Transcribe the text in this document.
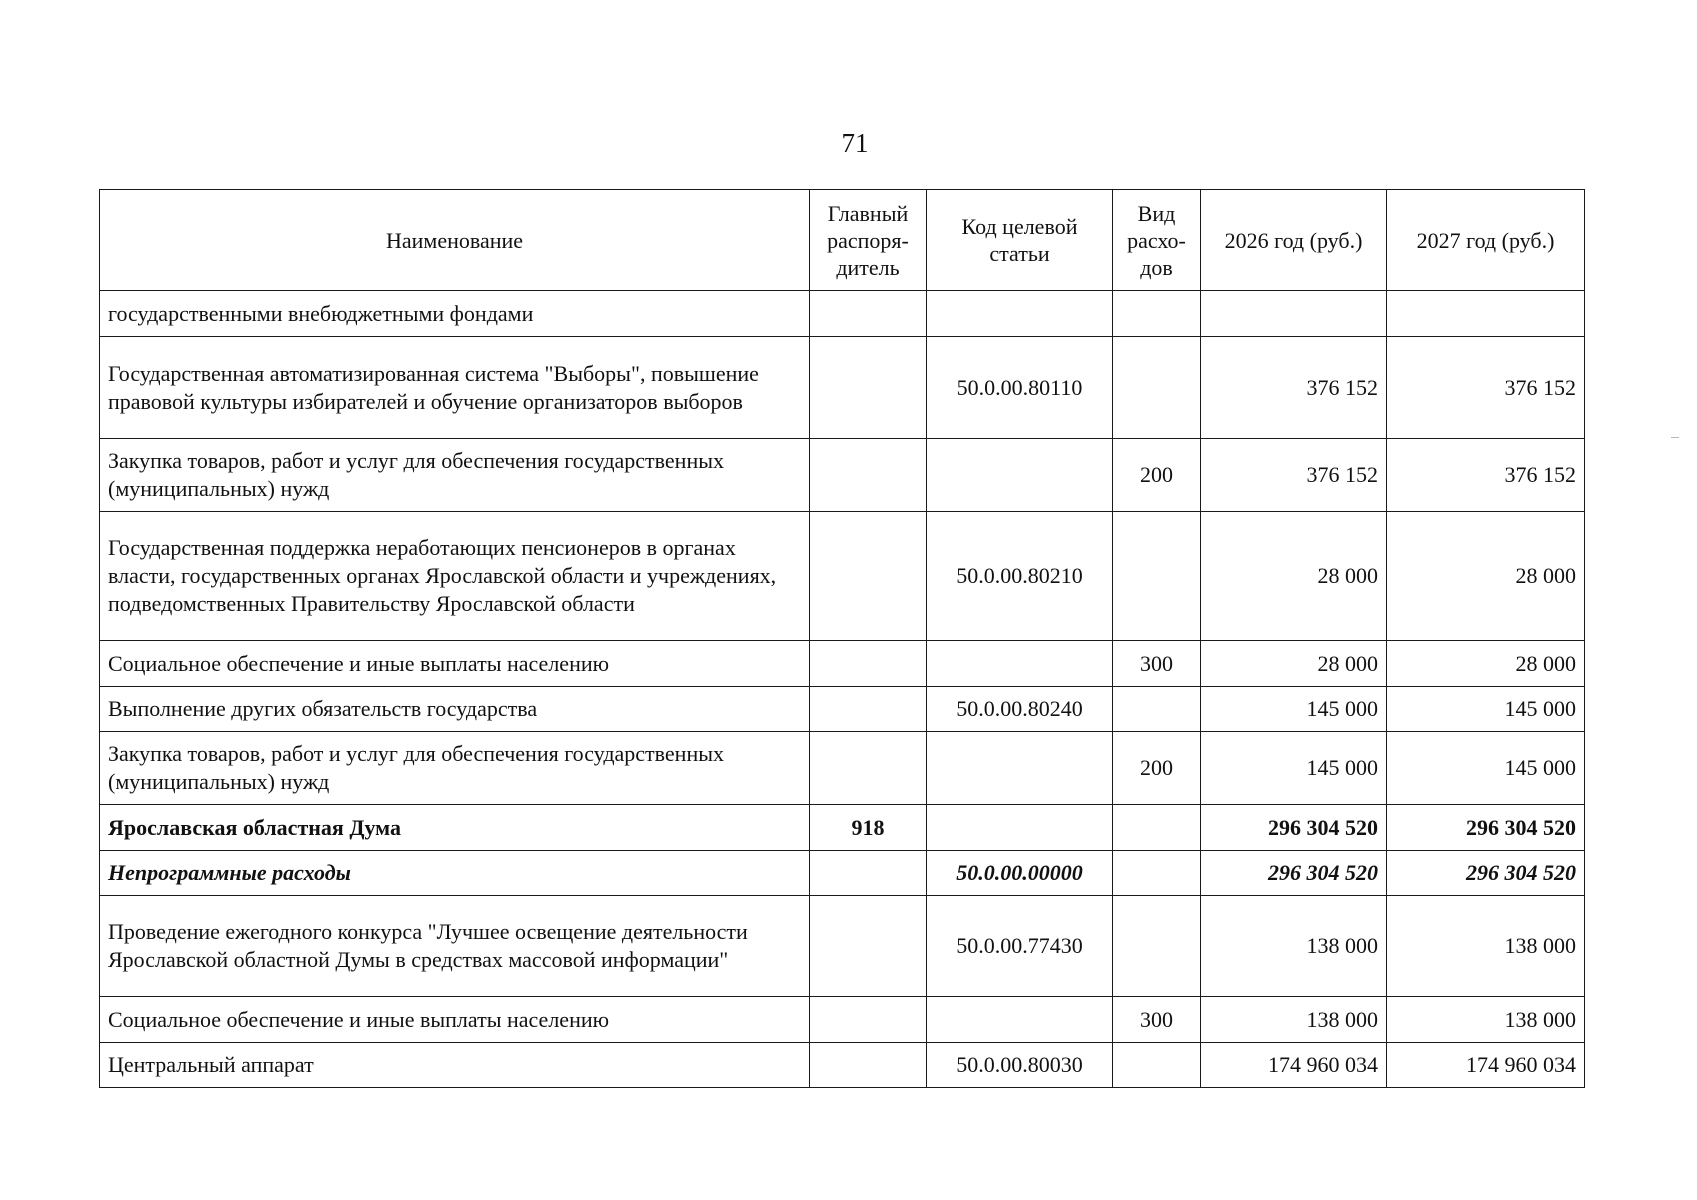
71
Наименование	Главный распоря-дитель	Код целевой статьи	Вид расхо-дов	2026 год (руб.)	2027 год (руб.)
государственными внебюджетными фондами					
Государственная автоматизированная система "Выборы", повышение правовой культуры избирателей и обучение организаторов выборов		50.0.00.80110		376 152	376 152
Закупка товаров, работ и услуг для обеспечения государственных (муниципальных) нужд			200	376 152	376 152
Государственная поддержка неработающих пенсионеров в органах власти, государственных органах Ярославской области и учреждениях, подведомственных Правительству Ярославской области		50.0.00.80210		28 000	28 000
Социальное обеспечение и иные выплаты населению			300	28 000	28 000
Выполнение других обязательств государства		50.0.00.80240		145 000	145 000
Закупка товаров, работ и услуг для обеспечения государственных (муниципальных) нужд			200	145 000	145 000
Ярославская областная Дума	918			296 304 520	296 304 520
Непрограммные расходы		50.0.00.00000		296 304 520	296 304 520
Проведение ежегодного конкурса "Лучшее освещение деятельности Ярославской областной Думы в средствах массовой информации"		50.0.00.77430		138 000	138 000
Социальное обеспечение и иные выплаты населению			300	138 000	138 000
Центральный аппарат		50.0.00.80030		174 960 034	174 960 034
